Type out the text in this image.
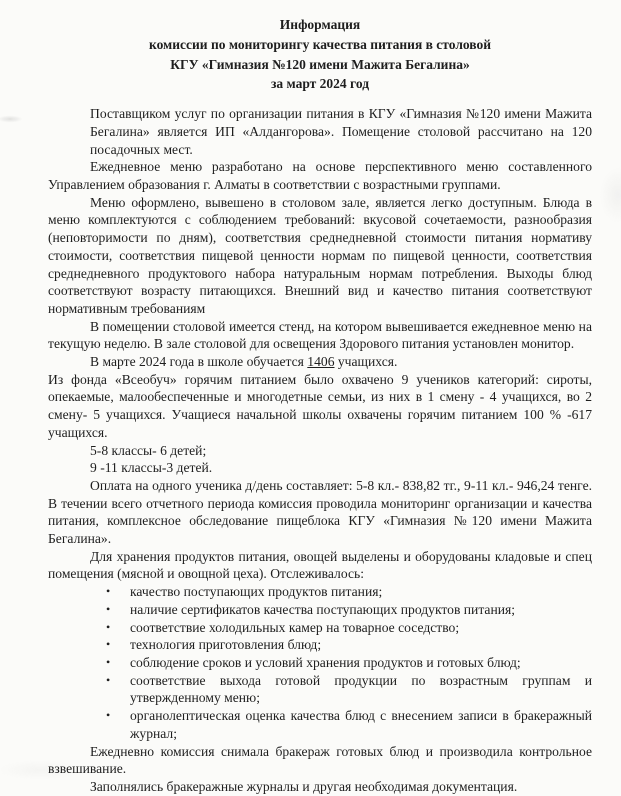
Информация
комиссии по мониторингу качества питания в столовой
КГУ «Гимназия №120 имени Мажита Бегалина»
за март 2024 год

Поставщиком услуг по организации питания в КГУ «Гимназия №120 имени Мажита Бегалина» является ИП «Алдангорова». Помещение столовой рассчитано на 120 посадочных мест.

Ежедневное меню разработано на основе перспективного меню составленного Управлением образования г. Алматы в соответствии с возрастными группами.

Меню оформлено, вывешено в столовом зале, является легко доступным. Блюда в меню комплектуются с соблюдением требований: вкусовой сочетаемости, разнообразия (неповторимости по дням), соответствия среднедневной стоимости питания нормативу стоимости, соответствия пищевой ценности нормам по пищевой ценности, соответствия среднедневного продуктового набора натуральным нормам потребления. Выходы блюд соответствуют возрасту питающихся. Внешний вид и качество питания соответствуют нормативным требованиям

В помещении столовой имеется стенд, на котором вывешивается ежедневное меню на текущую неделю. В зале столовой для освещения Здорового питания установлен монитор.

В марте 2024 года в школе обучается 1406 учащихся.

Из фонда «Всеобуч» горячим питанием было охвачено 9 учеников категорий: сироты, опекаемые, малообеспеченные и многодетные семьи, из них в 1 смену - 4 учащихся, во 2 смену- 5 учащихся. Учащиеся начальной школы охвачены горячим питанием 100 % -617 учащихся.

5-8 классы- 6 детей;

9 -11 классы-3 детей.

Оплата на одного ученика д/день составляет: 5-8 кл.- 838,82 тг., 9-11 кл.- 946,24 тенге. В течении всего отчетного периода комиссия проводила мониторинг организации и качества питания, комплексное обследование пищеблока КГУ «Гимназия №120 имени Мажита Бегалина».

Для хранения продуктов питания, овощей выделены и оборудованы кладовые и спец помещения (мясной и овощной цеха). Отслеживалось:

• качество поступающих продуктов питания;
• наличие сертификатов качества поступающих продуктов питания;
• соответствие холодильных камер на товарное соседство;
• технология приготовления блюд;
• соблюдение сроков и условий хранения продуктов и готовых блюд;
• соответствие выхода готовой продукции по возрастным группам и утвержденному меню;
• органолептическая оценка качества блюд с внесением записи в бракеражный журнал;

Ежедневно комиссия снимала бракераж готовых блюд и производила контрольное взвешивание.

Заполнялись бракеражные журналы и другая необходимая документация.
